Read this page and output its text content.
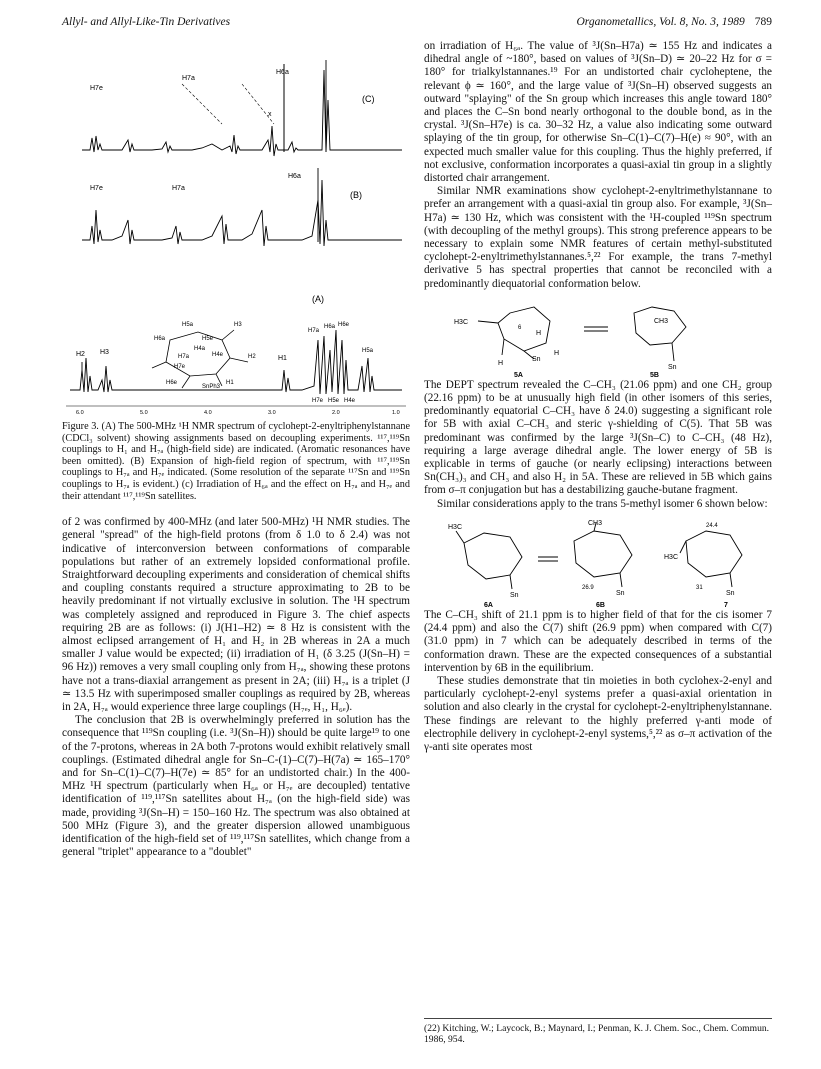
Allyl- and Allyl-Like-Tin Derivatives	Organometallics, Vol. 8, No. 3, 1989 789
H7e
H7a
H6a
x
(C)
H7e
H6a
H7a
(B)
H5a	H3
H6a
H4a
H4e
H7a
H7e
H6e
H5e
H2
H1
SnPh3
H2 H3
H1
H7a
H6a H6e
H7e H5e
H5a
H4e
(A)
6.0	5.0	4.0	3.0	2.0	1.0

Figure 3. (A) The 500-MHz ¹H NMR spectrum of cyclohept-2-enyltriphenylstannane (CDCl₃ solvent) showing assignments based on decoupling experiments. ¹¹⁷,¹¹⁹Sn couplings to H₁ and H₇ₐ (high-field side) are indicated. (Aromatic resonances have been omitted). (B) Expansion of high-field region of spectrum, with ¹¹⁷,¹¹⁹Sn couplings to H₇ₐ and H₇ₑ indicated. (Some resolution of the separate ¹¹⁷Sn and ¹¹⁹Sn couplings to H₇ₐ is evident.) (c) Irradiation of H₆ₐ and the effect on H₇ₐ and H₇ₑ and their attendant ¹¹⁷,¹¹⁹Sn satellites.

of 2 was confirmed by 400-MHz (and later 500-MHz) ¹H NMR studies. The general "spread" of the high-field protons (from δ 1.0 to δ 2.4) was not indicative of interconversion between conformations of comparable populations but rather of an extremely lopsided conformational profile. Straightforward decoupling experiments and consideration of chemical shifts and coupling constants required a structure approximating to 2B to be heavily predominant if not virtually exclusive in solution. The ¹H spectrum was completely assigned and reproduced in Figure 3. The chief aspects requiring 2B are as follows: (i) J(H1–H2) ≃ 8 Hz is consistent with the almost eclipsed arrangement of H₁ and H₂ in 2B whereas in 2A a much smaller J value would be expected; (ii) irradiation of H₁ (δ 3.25 (J(Sn–H) = 96 Hz)) removes a very small coupling only from H₇ₐ, showing these protons have not a trans-diaxial arrangement as present in 2A; (iii) H₇ₐ is a triplet (J ≃ 13.5 Hz with superimposed smaller couplings as required by 2B, whereas in 2A, H₇ₐ would experience three large couplings (H₇ₑ, H₁, H₆ₑ).

The conclusion that 2B is overwhelmingly preferred in solution has the consequence that ¹¹⁹Sn coupling (i.e. ³J(Sn–H)) should be quite large¹⁹ to one of the 7-protons, whereas in 2A both 7-protons would exhibit relatively small couplings. (Estimated dihedral angle for Sn–C-(1)–C(7)–H(7a) ≃ 165–170° and for Sn–C(1)–C(7)–H(7e) ≃ 85° for an undistorted chair.) In the 400-MHz ¹H spectrum (particularly when H₆ₐ or H₇ₑ are decoupled) tentative identification of ¹¹⁹,¹¹⁷Sn satellites about H₇ₐ (on the high-field side) was made, providing ³J(Sn–H) = 150–160 Hz. The spectrum was also obtained at 500 MHz (Figure 3), and the greater dispersion allowed unambiguous identification of the high-field set of ¹¹⁹,¹¹⁷Sn satellites, which change from a general "triplet" appearance to a "doublet"

on irradiation of H₆ₐ. The value of ³J(Sn–H7a) ≃ 155 Hz and indicates a dihedral angle of ~180°, based on values of ³J(Sn–D) ≃ 20–22 Hz for σ = 180° for trialkylstannanes.¹⁹ For an undistorted chair cycloheptene, the relevant ϕ ≃ 160°, and the large value of ³J(Sn–H) observed suggests an outward "splaying" of the Sn group which increases this angle toward 180° and places the C–Sn bond nearly orthogonal to the double bond, as in the crystal. ³J(Sn–H7e) is ca. 30–32 Hz, a value also indicating some outward splaying of the tin group, for otherwise Sn–C(1)–C(7)–H(e) ≈ 90°, with an expected much smaller value for this coupling. Thus the highly preferred, if not exclusive, conformation incorporates a quasi-axial tin group in a slightly distorted chair arrangement.

Similar NMR examinations show cyclohept-2-enyltrimethylstannane to prefer an arrangement with a quasi-axial tin group also. For example, ³J(Sn–H7a) ≃ 130 Hz, which was consistent with the ¹H-coupled ¹¹⁹Sn spectrum (with decoupling of the methyl groups). This strong preference appears to be necessary to explain some NMR features of certain methyl-substituted cyclohept-2-enyltrimethylstannanes.⁵,²² For example, the trans 7-methyl derivative 5 has spectral properties that cannot be reconciled with a predominantly diequatorial conformation below.

H3C
6
H
H
Sn
H
CH3
Sn
5A	5B

The DEPT spectrum revealed the C–CH₃ (21.06 ppm) and one CH₂ group (22.16 ppm) to be at unusually high field (in other isomers of this series, predominantly equatorial C–CH₃ have δ 24.0) suggesting a significant role for 5B with axial C–CH₃ and steric γ-shielding of C(5). That 5B was predominant was confirmed by the large ³J(Sn–C) to C–CH₃ (48 Hz), requiring a large average dihedral angle. The lower energy of 5B is explicable in terms of gauche (or nearly eclipsing) interactions between Sn(CH₃)₃ and CH₃ and also H₂ in 5A. These are relieved in 5B which gains from σ–π conjugation but has a destabilizing gauche-butane fragment.

Similar considerations apply to the trans 5-methyl isomer 6 shown below:

H3C
Sn
CH3
26.9
Sn
24.4
H3C
31
Sn
6A	6B	7

The C–CH₃ shift of 21.1 ppm is to higher field of that for the cis isomer 7 (24.4 ppm) and also the C(7) shift (26.9 ppm) when compared with C(7) (31.0 ppm) in 7 which can be adequately described in terms of the conformation drawn. These are the expected consequences of a substantial intervention by 6B in the equilibrium.

These studies demonstrate that tin moieties in both cyclohex-2-enyl and particularly cyclohept-2-enyl systems prefer a quasi-axial orientation in solution and also clearly in the crystal for cyclohept-2-enyltriphenylstannane. These findings are relevant to the highly preferred γ-anti mode of electrophile delivery in cyclohept-2-enyl systems,⁵,²² as σ–π activation of the γ-anti site operates most

(22) Kitching, W.; Laycock, B.; Maynard, I.; Penman, K. J. Chem. Soc., Chem. Commun. 1986, 954.
